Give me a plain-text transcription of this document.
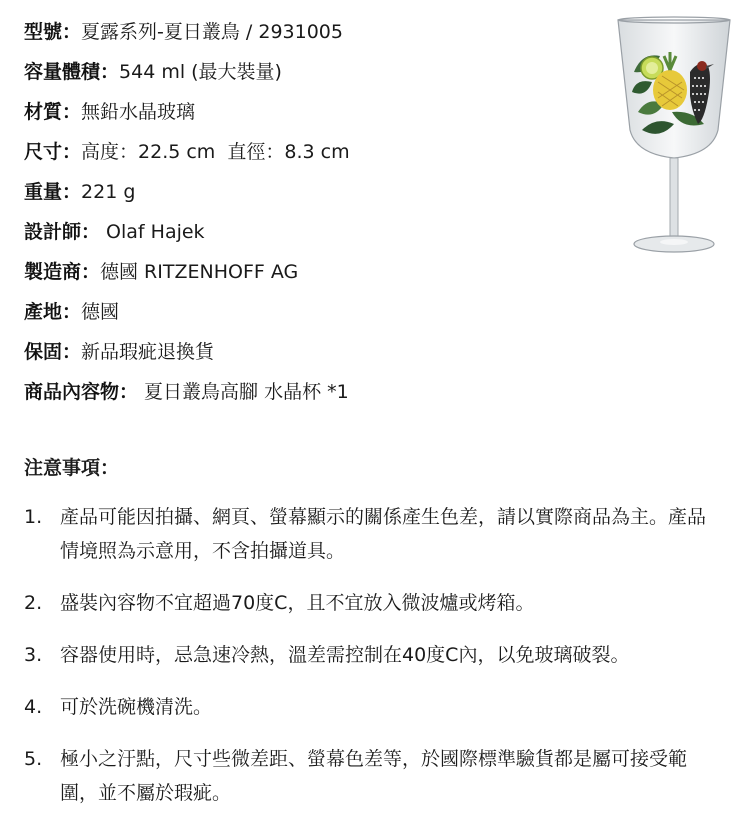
型號：夏露系列-夏日叢鳥 / 2931005
容量體積：544 ml (最大裝量)
材質：無鉛水晶玻璃
尺寸：高度：22.5 cm  直徑：8.3 cm
重量：221 g
設計師： Olaf Hajek
製造商：德國 RITZENHOFF AG
產地：德國
保固：新品瑕疵退換貨
商品內容物： 夏日叢鳥高腳 水晶杯 *1
注意事項：
1. 產品可能因拍攝、網頁、螢幕顯示的關係產生色差，請以實際商品為主。產品情境照為示意用，不含拍攝道具。
2. 盛裝內容物不宜超過70度C，且不宜放入微波爐或烤箱。
3. 容器使用時，忌急速冷熱，溫差需控制在40度C內，以免玻璃破裂。
4. 可於洗碗機清洗。
5. 極小之汙點，尺寸些微差距、螢幕色差等，於國際標準驗貨都是屬可接受範圍，並不屬於瑕疵。
